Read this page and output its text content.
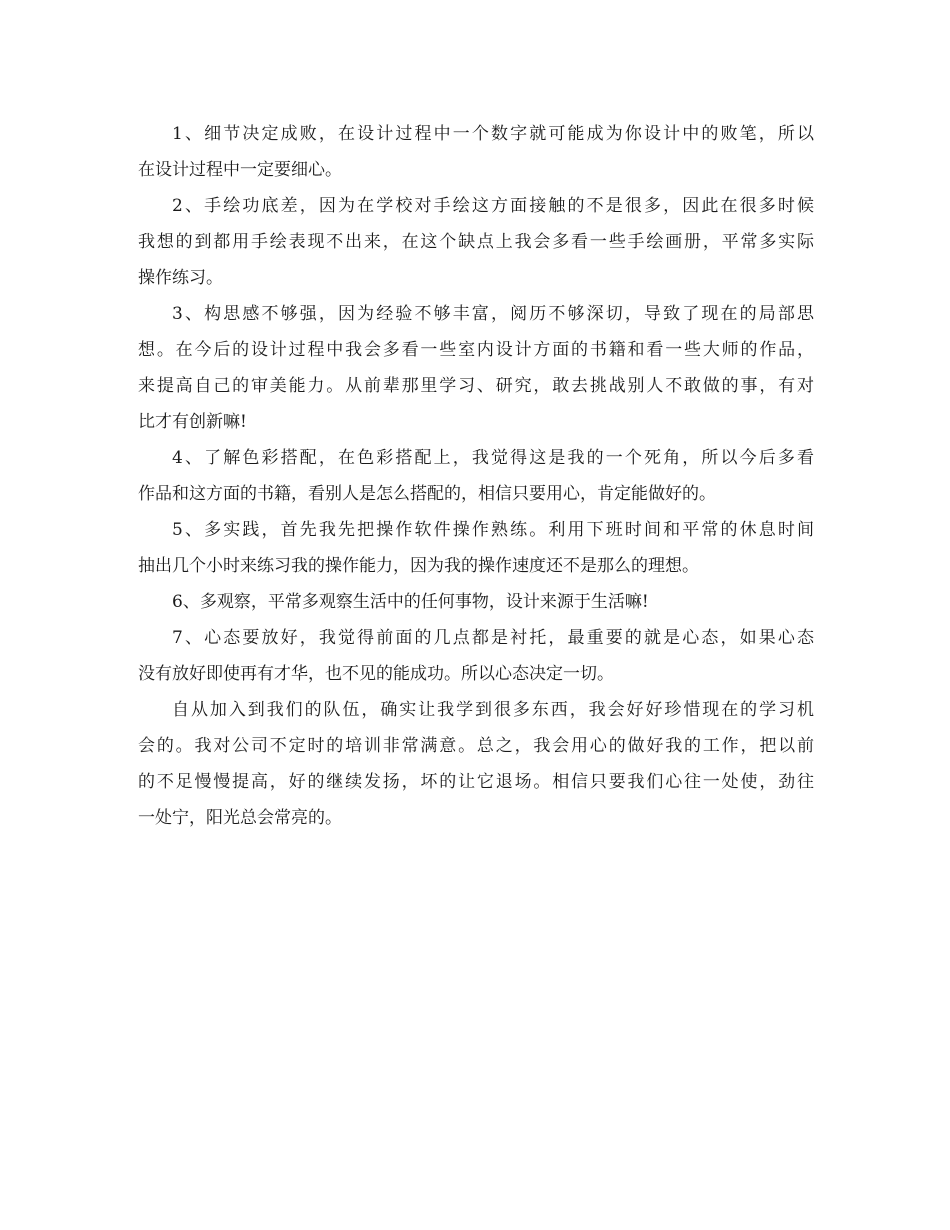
1、细节决定成败，在设计过程中一个数字就可能成为你设计中的败笔，所以
在设计过程中一定要细心。

2、手绘功底差，因为在学校对手绘这方面接触的不是很多，因此在很多时候
我想的到都用手绘表现不出来，在这个缺点上我会多看一些手绘画册，平常多实际
操作练习。

3、构思感不够强，因为经验不够丰富，阅历不够深切，导致了现在的局部思
想。在今后的设计过程中我会多看一些室内设计方面的书籍和看一些大师的作品，
来提高自己的审美能力。从前辈那里学习、研究，敢去挑战别人不敢做的事，有对
比才有创新嘛!

4、了解色彩搭配，在色彩搭配上，我觉得这是我的一个死角，所以今后多看
作品和这方面的书籍，看别人是怎么搭配的，相信只要用心，肯定能做好的。

5、多实践，首先我先把操作软件操作熟练。利用下班时间和平常的休息时间
抽出几个小时来练习我的操作能力，因为我的操作速度还不是那么的理想。

6、多观察，平常多观察生活中的任何事物，设计来源于生活嘛!

7、心态要放好，我觉得前面的几点都是衬托，最重要的就是心态，如果心态
没有放好即使再有才华，也不见的能成功。所以心态决定一切。

自从加入到我们的队伍，确实让我学到很多东西，我会好好珍惜现在的学习机
会的。我对公司不定时的培训非常满意。总之，我会用心的做好我的工作，把以前
的不足慢慢提高，好的继续发扬，坏的让它退场。相信只要我们心往一处使，劲往
一处宁，阳光总会常亮的。
